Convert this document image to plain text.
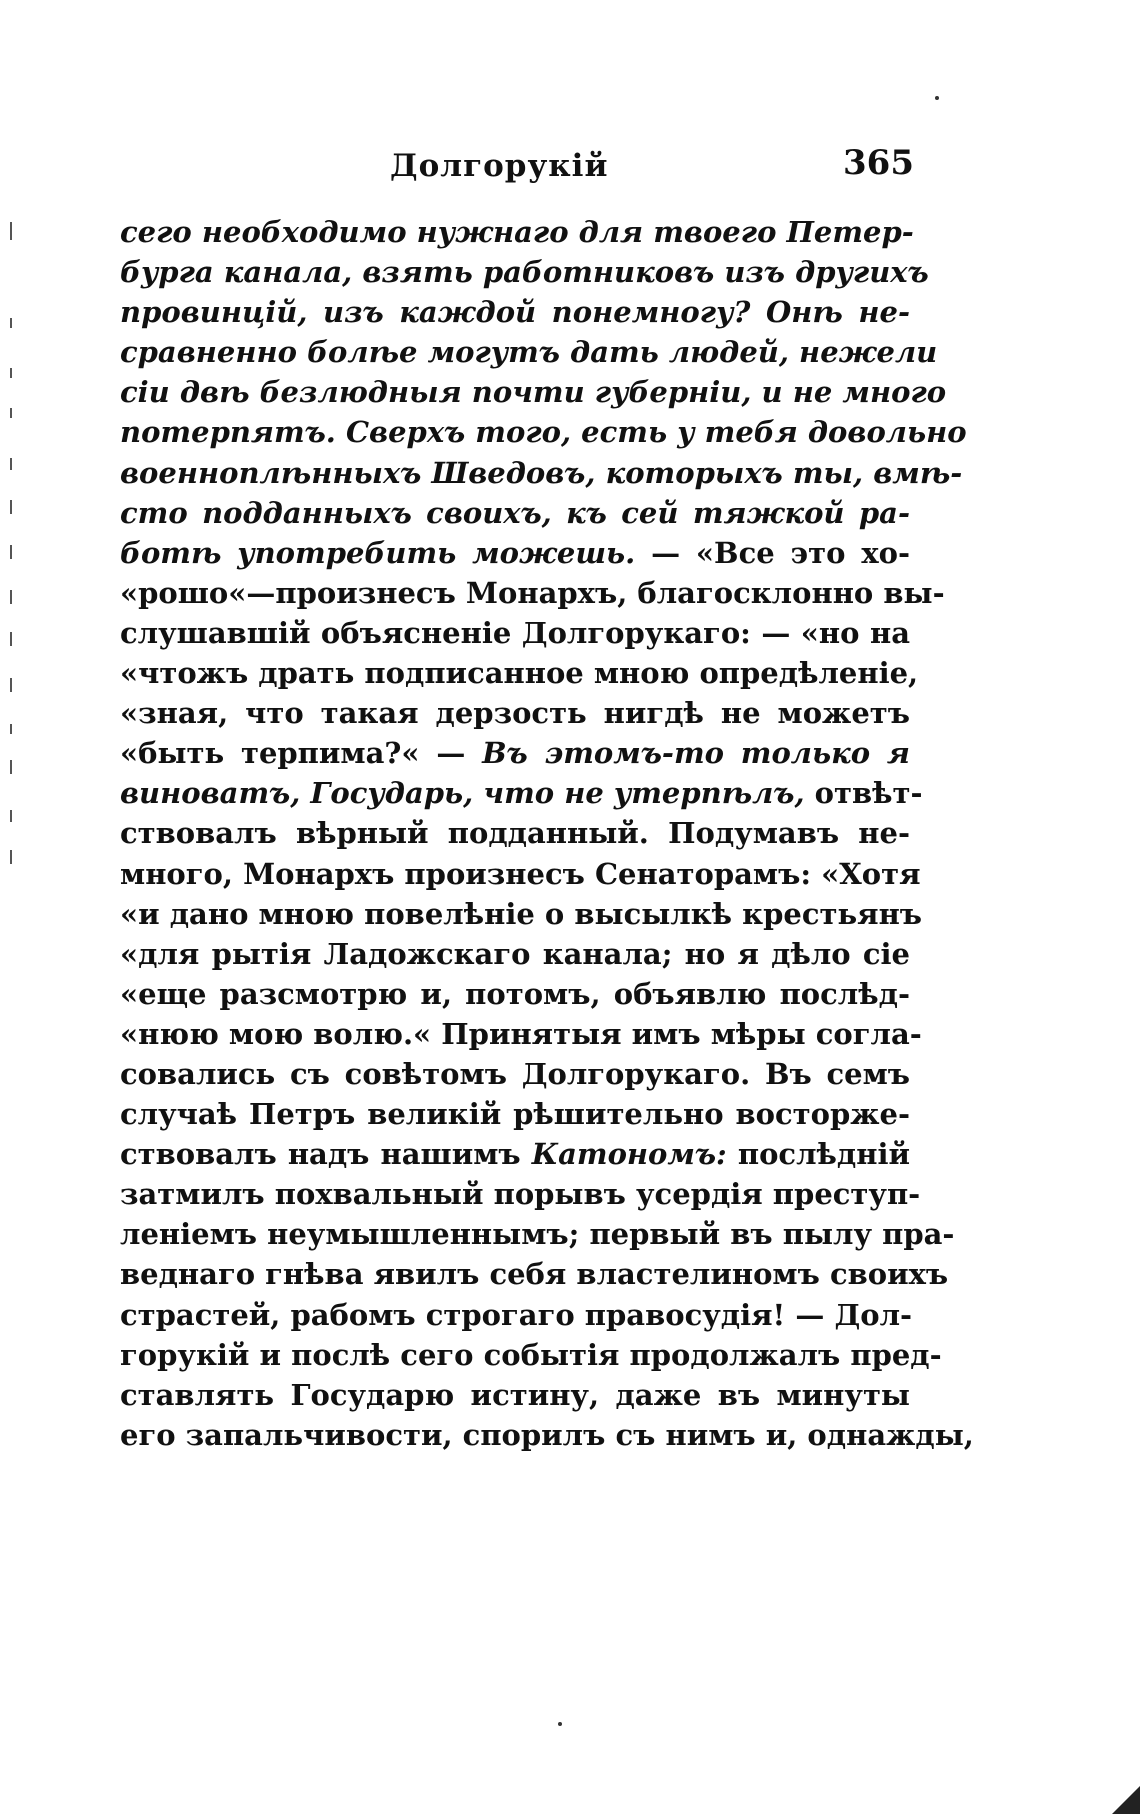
Долгорукій	365
сего необходимо нужнаго для твоего Петер-
бурга канала, взять работниковъ изъ другихъ
провинцій, изъ каждой понемногу? Онѣ не-
сравненно болѣе могутъ дать людей, нежели
сіи двѣ безлюдныя почти губерніи, и не много
потерпятъ. Сверхъ того, есть у тебя довольно
военноплѣнныхъ Шведовъ, которыхъ ты, вмѣ-
сто подданныхъ своихъ, къ сей тяжкой ра-
ботѣ употребить можешь. — «Все это хо-
«рошо«—произнесъ Монархъ, благосклонно вы-
слушавшій объясненіе Долгорукаго: — «но на
«чтожъ драть подписанное мною опредѣленіе,
«зная, что такая дерзость нигдѣ не можетъ
«быть терпима?« — Въ этомъ-то только я
виноватъ, Государь, что не утерпѣлъ, отвѣт-
ствовалъ вѣрный подданный. Подумавъ не-
много, Монархъ произнесъ Сенаторамъ: «Хотя
«и дано мною повелѣніе о высылкѣ крестьянъ
«для рытія Ладожскаго канала; но я дѣло сіе
«еще разсмотрю и, потомъ, объявлю послѣд-
«нюю мою волю.« Принятыя имъ мѣры согла-
совались съ совѣтомъ Долгорукаго. Въ семъ
случаѣ Петръ великій рѣшительно восторже-
ствовалъ надъ нашимъ Катономъ: послѣдній
затмилъ похвальный порывъ усердія преступ-
леніемъ неумышленнымъ; первый въ пылу пра-
веднаго гнѣва явилъ себя властелиномъ своихъ
страстей, рабомъ строгаго правосудія! — Дол-
горукій и послѣ сего событія продолжалъ пред-
ставлять Государю истину, даже въ минуты
его запальчивости, спорилъ съ нимъ и, однажды,
